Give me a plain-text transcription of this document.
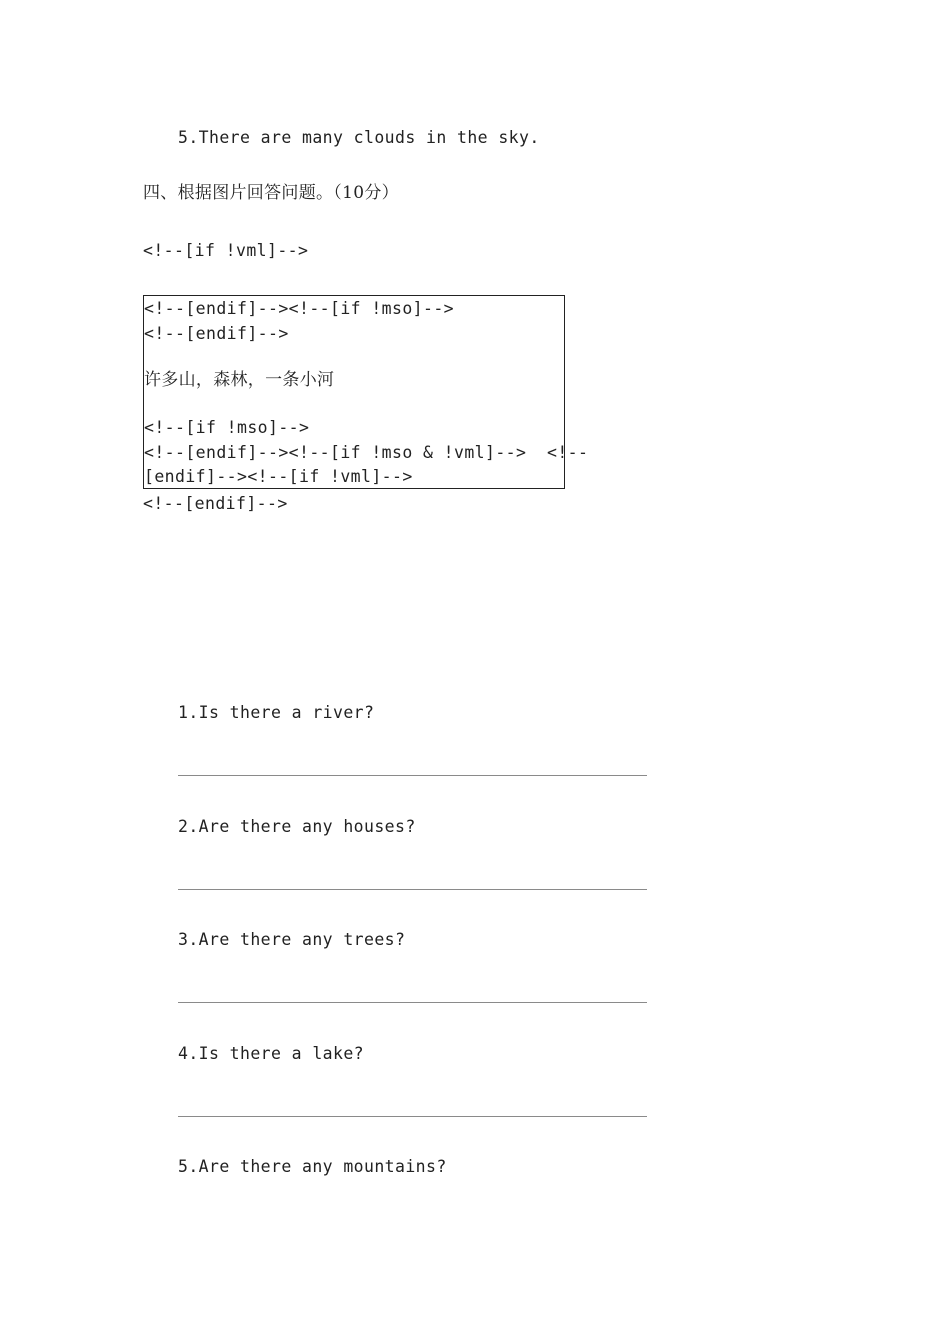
5.There are many clouds in the sky.
四、根据图片回答问题。（10分）
<!--[if !vml]-->
<!--[endif]--><!--[if !mso]-->
<!--[endif]-->
许多山，森林，一条小河
<!--[if !mso]-->
<!--[endif]--><!--[if !mso & !vml]-->  <!--
[endif]--><!--[if !vml]-->
<!--[endif]-->
1.Is there a river?
2.Are there any houses?
3.Are there any trees?
4.Is there a lake?
5.Are there any mountains?
